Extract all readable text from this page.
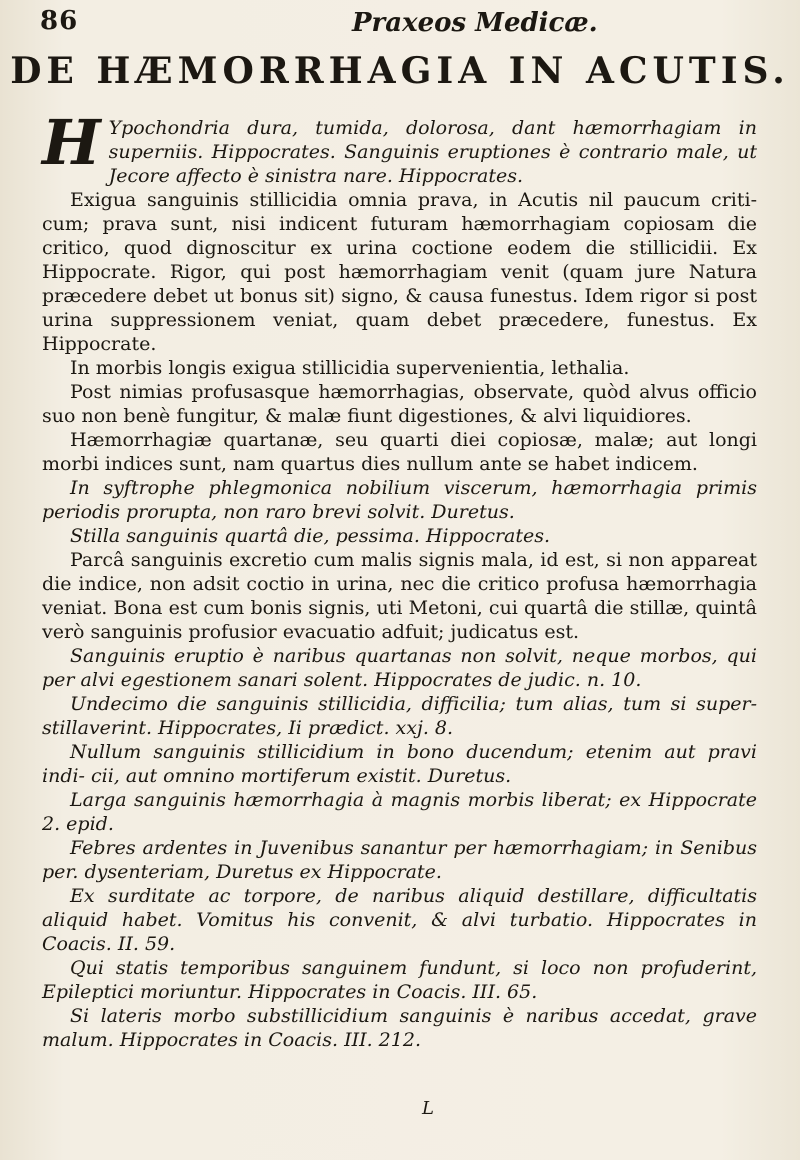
86	Praxeos Medicæ.
DE HÆMORRHAGIA IN ACUTIS.

H Ypochondria dura, tumida, dolorosa, dant hæmorrhagiam in superniis. Hippocrates. Sanguinis eruptiones è contrario male, ut Jecore affecto è sinistra nare. Hippocrates.

Exigua sanguinis stillicidia omnia prava, in Acutis nil paucum criti- cum; prava sunt, nisi indicent futuram hæmorrhagiam copiosam die critico, quod dignoscitur ex urina coctione eodem die stillicidii. Ex Hippocrate. Rigor, qui post hæmorrhagiam venit (quam jure Natura præcedere debet ut bonus sit) signo, & causa funestus. Idem rigor si post urina suppressionem veniat, quam debet præcedere, funestus. Ex Hippocrate.

In morbis longis exigua stillicidia supervenientia, lethalia.

Post nimias profusasque hæmorrhagias, observate, quòd alvus officio suo non benè fungitur, & malæ fiunt digestiones, & alvi liquidiores.

Hæmorrhagiæ quartanæ, seu quarti diei copiosæ, malæ; aut longi morbi indices sunt, nam quartus dies nullum ante se habet indicem.

In syftrophe phlegmonica nobilium viscerum, hæmorrhagia primis periodis prorupta, non raro brevi solvit. Duretus.

Stilla sanguinis quartâ die, pessima. Hippocrates.

Parcâ sanguinis excretio cum malis signis mala, id est, si non appareat die indice, non adsit coctio in urina, nec die critico profusa hæmorrhagia veniat. Bona est cum bonis signis, uti Metoni, cui quartâ die stillæ, quintâ verò sanguinis profusior evacuatio adfuit; judicatus est.

Sanguinis eruptio è naribus quartanas non solvit, neque morbos, qui per alvi egestionem sanari solent. Hippocrates de judic. n. 10.

Undecimo die sanguinis stillicidia, difficilia; tum alias, tum si super- stillaverint. Hippocrates, Ii prædict. xxj. 8.

Nullum sanguinis stillicidium in bono ducendum; etenim aut pravi indi- cii, aut omnino mortiferum existit. Duretus.

Larga sanguinis hæmorrhagia à magnis morbis liberat; ex Hippocrate 2. epid.

Febres ardentes in Juvenibus sanantur per hæmorrhagiam; in Senibus per. dysenteriam, Duretus ex Hippocrate.

Ex surditate ac torpore, de naribus aliquid destillare, difficultatis aliquid habet. Vomitus his convenit, & alvi turbatio. Hippocrates in Coacis. II. 59.

Qui statis temporibus sanguinem fundunt, si loco non profuderint, Epileptici moriuntur. Hippocrates in Coacis. III. 65.

Si lateris morbo substillicidium sanguinis è naribus accedat, grave malum. Hippocrates in Coacis. III. 212.

L
